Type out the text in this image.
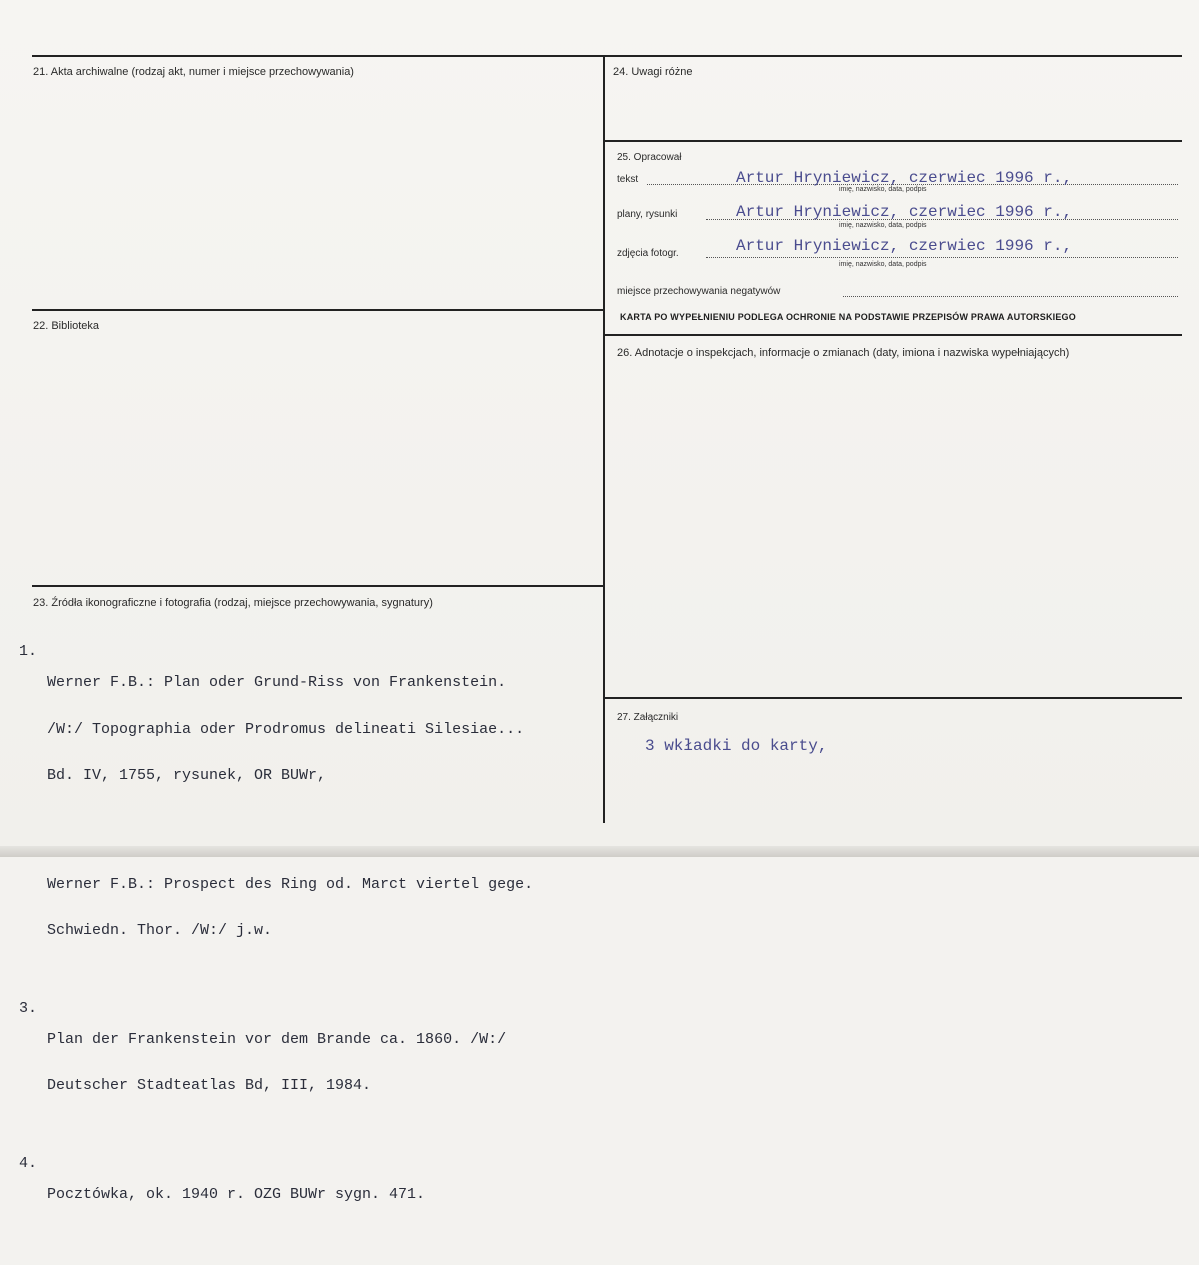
21. Akta archiwalne (rodzaj akt, numer i miejsce przechowywania)	24. Uwagi różne
25. Opracował
tekst	Artur Hryniewicz, czerwiec 1996 r.,
imię, nazwisko, data, podpis
plany, rysunki	Artur Hryniewicz, czerwiec 1996 r.,
imię, nazwisko, data, podpis
zdjęcia fotogr.	Artur Hryniewicz, czerwiec 1996 r.,
imię, nazwisko, data, podpis
miejsce przechowywania negatywów
KARTA PO WYPEŁNIENIU PODLEGA OCHRONIE NA PODSTAWIE PRZEPISÓW PRAWA AUTORSKIEGO
22. Biblioteka
26. Adnotacje o inspekcjach, informacje o zmianach (daty, imiona i nazwiska wypełniających)
23. Źródła ikonograficzne i fotografia (rodzaj, miejsce przechowywania, sygnatury)

1.

Werner F.B.: Plan oder Grund-Riss von Frankenstein.

/W:/ Topographia oder Prodromus delineati Silesiae...

Bd. IV, 1755, rysunek, OR BUWr,

Werner F.B.: Prospect des Ring od. Marct viertel gege.

Schwiedn. Thor. /W:/ j.w.

3.

Plan der Frankenstein vor dem Brande ca. 1860. /W:/

Deutscher Stadteatlas Bd, III, 1984.

4.

Pocztówka, ok. 1940 r. OZG BUWr sygn. 471.

27. Załączniki
3 wkładki do karty,
